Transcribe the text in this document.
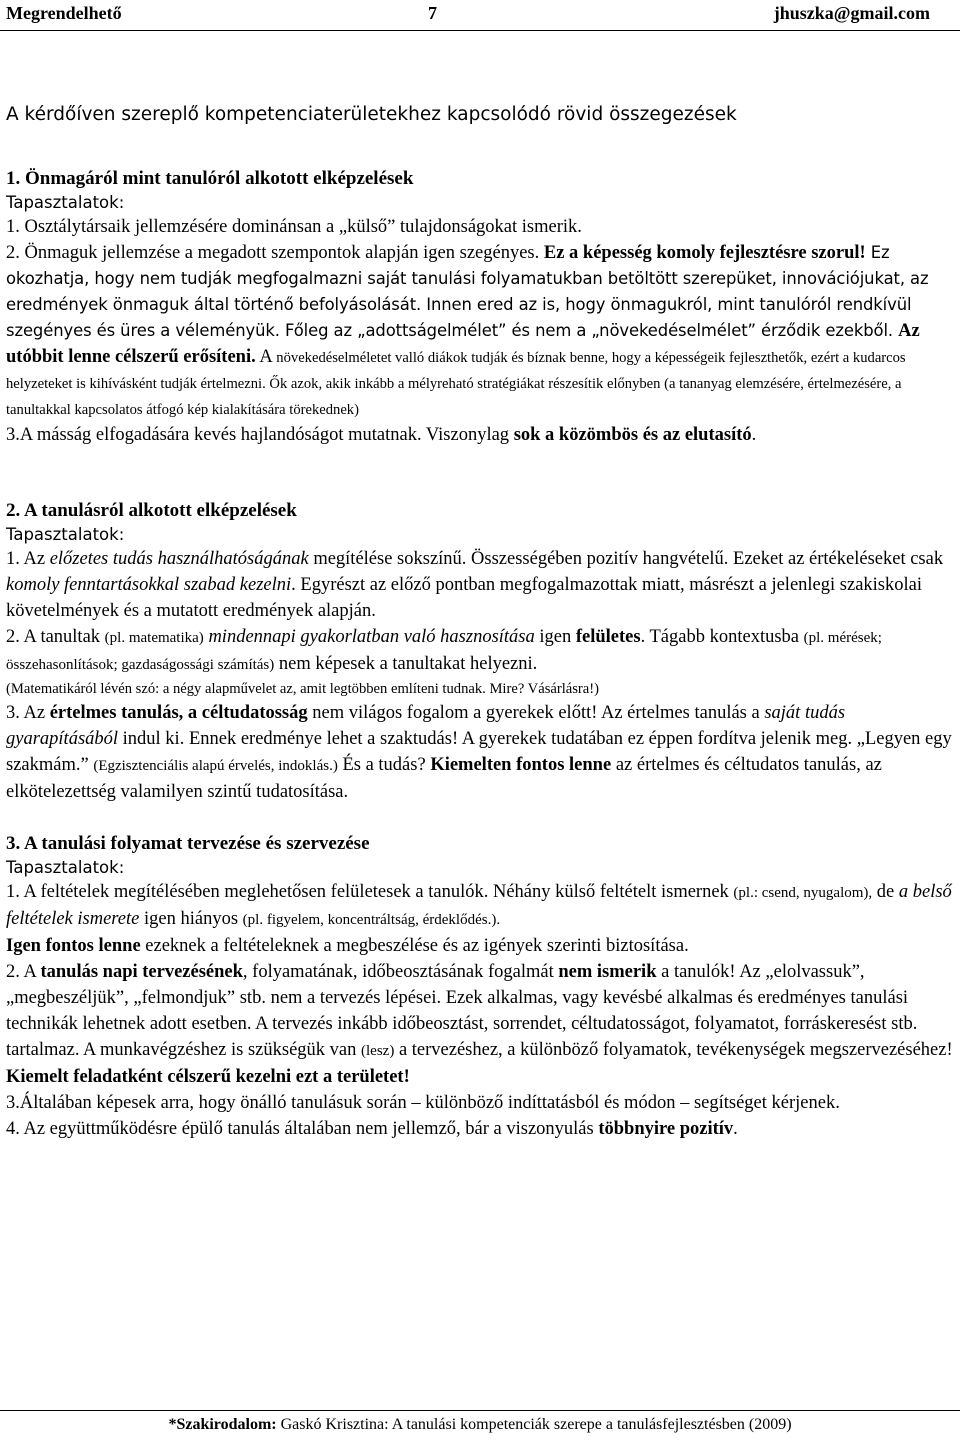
Megrendelhető	7	jhuszka@gmail.com
A kérdőíven szereplő kompetenciaterületekhez kapcsolódó rövid összegezések
1. Önmagáról mint tanulóról alkotott elképzelések
Tapasztalatok:

1. Osztálytársaik jellemzésére dominánsan a „külső” tulajdonságokat ismerik.

2. Önmaguk jellemzése a megadott szempontok alapján igen szegényes. Ez a képesség komoly fejlesztésre szorul! Ez okozhatja, hogy nem tudják megfogalmazni saját tanulási folyamatukban betöltött szerepüket, innovációjukat, az eredmények önmaguk által történő befolyásolását. Innen ered az is, hogy önmagukról, mint tanulóról rendkívül szegényes és üres a véleményük. Főleg az „adottságelmélet” és nem a „növekedéselmélet” érződik ezekből. Az utóbbit lenne célszerű erősíteni. A növekedéselméletet valló diákok tudják és bíznak benne, hogy a képességeik fejleszthetők, ezért a kudarcos helyzeteket is kihívásként tudják értelmezni. Ők azok, akik inkább a mélyreható stratégiákat részesítik előnyben (a tananyag elemzésére, értelmezésére, a tanultakkal kapcsolatos átfogó kép kialakítására törekednek)

3.A másság elfogadására kevés hajlandóságot mutatnak. Viszonylag sok a közömbös és az elutasító.

2. A tanulásról alkotott elképzelések
Tapasztalatok:

1. Az előzetes tudás használhatóságának megítélése sokszínű. Összességében pozitív hangvételű. Ezeket az értékeléseket csak komoly fenntartásokkal szabad kezelni. Egyrészt az előző pontban megfogalmazottak miatt, másrészt a jelenlegi szakiskolai követelmények és a mutatott eredmények alapján.

2. A tanultak (pl. matematika) mindennapi gyakorlatban való hasznosítása igen felületes. Tágabb kontextusba (pl. mérések; összehasonlítások; gazdaságossági számítás) nem képesek a tanultakat helyezni.

(Matematikáról lévén szó: a négy alapművelet az, amit legtöbben említeni tudnak. Mire? Vásárlásra!)

3. Az értelmes tanulás, a céltudatosság nem világos fogalom a gyerekek előtt! Az értelmes tanulás a saját tudás gyarapításából indul ki. Ennek eredménye lehet a szaktudás! A gyerekek tudatában ez éppen fordítva jelenik meg. „Legyen egy szakmám.” (Egzisztenciális alapú érvelés, indoklás.) És a tudás? Kiemelten fontos lenne az értelmes és céltudatos tanulás, az elkötelezettség valamilyen szintű tudatosítása.

3. A tanulási folyamat tervezése és szervezése
Tapasztalatok:

1. A feltételek megítélésében meglehetősen felületesek a tanulók. Néhány külső feltételt ismernek (pl.: csend, nyugalom), de a belső feltételek ismerete igen hiányos (pl. figyelem, koncentráltság, érdeklődés.).
Igen fontos lenne ezeknek a feltételeknek a megbeszélése és az igények szerinti biztosítása.

2. A tanulás napi tervezésének, folyamatának, időbeosztásának fogalmát nem ismerik a tanulók! Az „elolvassuk”, „megbeszéljük”, „felmondjuk” stb. nem a tervezés lépései. Ezek alkalmas, vagy kevésbé alkalmas és eredményes tanulási technikák lehetnek adott esetben. A tervezés inkább időbeosztást, sorrendet, céltudatosságot, folyamatot, forráskeresést stb. tartalmaz. A munkavégzéshez is szükségük van (lesz) a tervezéshez, a különböző folyamatok, tevékenységek megszervezéséhez! Kiemelt feladatként célszerű kezelni ezt a területet!

3.Általában képesek arra, hogy önálló tanulásuk során – különböző indíttatásból és módon – segítséget kérjenek.

4. Az együttműködésre épülő tanulás általában nem jellemző, bár a viszonyulás többnyire pozitív.

*Szakirodalom: Gaskó Krisztina: A tanulási kompetenciák szerepe a tanulásfejlesztésben (2009)
